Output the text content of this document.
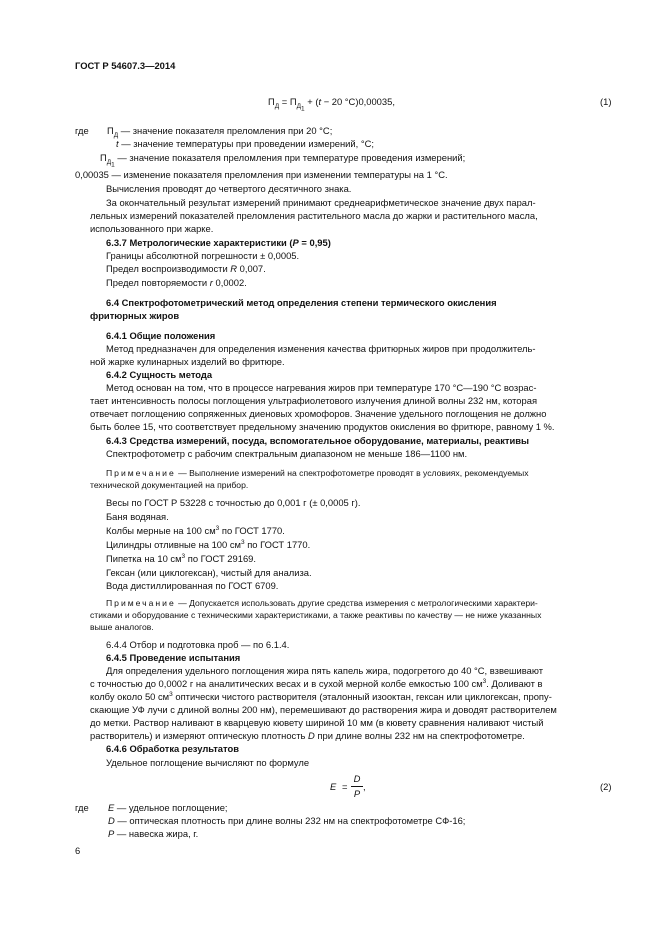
ГОСТ Р 54607.3—2014
$П_Д = П_{Д_1} + (t - 20$ °С)0,00035,	(1)
где $П_Д$ — значение показателя преломления при 20 °С;
t — значение температуры при проведении измерений, °С;
$П_{Д_1}$ — значение показателя преломления при температуре проведения измерений;
0,00035 — изменение показателя преломления при изменении температуры на 1 °С.
Вычисления проводят до четвертого десятичного знака.
За окончательный результат измерений принимают среднеарифметическое значение двух парал-
лельных измерений показателей преломления растительного масла до жарки и растительного масла,
использованного при жарке.
6.3.7 Метрологические характеристики (P = 0,95)
Границы абсолютной погрешности ± 0,0005.
Предел воспроизводимости R 0,007.
Предел повторяемости r 0,0002.
6.4 Спектрофотометрический метод определения степени термического окисления
фритюрных жиров
6.4.1 Общие положения
Метод предназначен для определения изменения качества фритюрных жиров при продолжитель-
ной жарке кулинарных изделий во фритюре.
6.4.2 Сущность метода
Метод основан на том, что в процессе нагревания жиров при температуре 170 °С—190 °С возрас-
тает интенсивность полосы поглощения ультрафиолетового излучения длиной волны 232 нм, которая
отвечает поглощению сопряженных диеновых хромофоров. Значение удельного поглощения не должно
быть более 15, что соответствует предельному значению продуктов окисления во фритюре, равному 1 %.
6.4.3 Средства измерений, посуда, вспомогательное оборудование, материалы, реактивы
Спектрофотометр с рабочим спектральным диапазоном не меньше 186—1100 нм.
Примечание — Выполнение измерений на спектрофотометре проводят в условиях, рекомендуемых
технической документацией на прибор.
Весы по ГОСТ Р 53228 с точностью до 0,001 г (± 0,0005 г).
Баня водяная.
Колбы мерные на 100 $см^3$ по ГОСТ 1770.
Цилиндры отливные на 100 $см^3$ по ГОСТ 1770.
Пипетка на 10 $см^3$ по ГОСТ 29169.
Гексан (или циклогексан), чистый для анализа.
Вода дистиллированная по ГОСТ 6709.
Примечание — Допускается использовать другие средства измерения с метрологическими характери-
стиками и оборудование с техническими характеристиками, а также реактивы по качеству — не ниже указанных
выше аналогов.
6.4.4 Отбор и подготовка проб — по 6.1.4.
6.4.5 Проведение испытания
Для определения удельного поглощения жира пять капель жира, подогретого до 40 °С, взвешивают
с точностью до 0,0002 г на аналитических весах и в сухой мерной колбе емкостью 100 $см^3$. Доливают в
колбу около 50 $см^3$ оптически чистого растворителя (эталонный изооктан, гексан или циклогексан, пропу-
скающие УФ лучи с длиной волны 200 нм), перемешивают до растворения жира и доводят растворителем
до метки. Раствор наливают в кварцевую кювету шириной 10 мм (в кювету сравнения наливают чистый
растворитель) и измеряют оптическую плотность D при длине волны 232 нм на спектрофотометре.
6.4.6 Обработка результатов
Удельное поглощение вычисляют по формуле
E =
D
P
,	(2)
где E — удельное поглощение;
D — оптическая плотность при длине волны 232 нм на спектрофотометре СФ-16;
P — навеска жира, г.
6
